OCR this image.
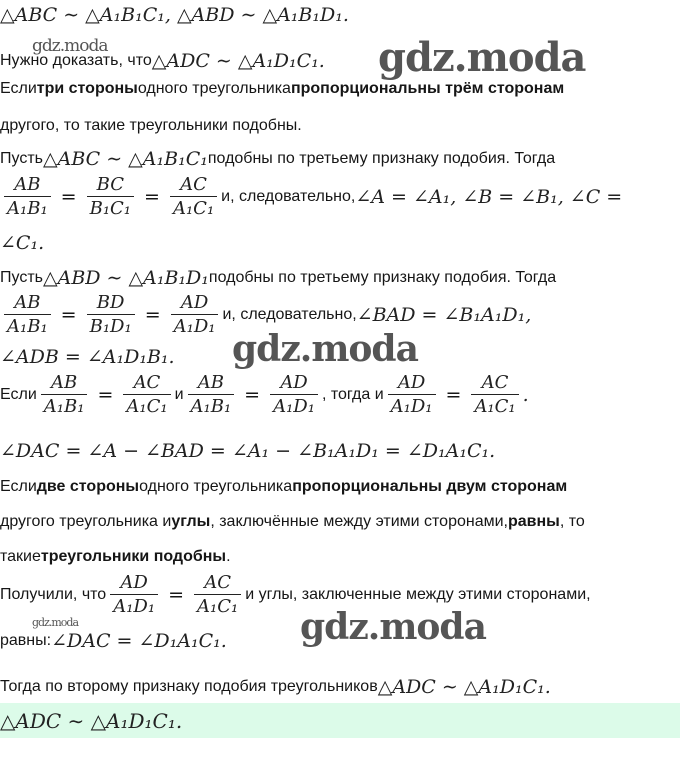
△ABC ∼ △A₁B₁C₁, △ABD ∼ △A₁B₁D₁.
gdz.moda
Нужно доказать, что △ADC ∼ △A₁D₁C₁. gdz.moda
Если три стороны одного треугольника пропорциональны трём сторонам
другого, то такие треугольники подобны.
Пусть △ABC ∼ △A₁B₁C₁ подобны по третьему признаку подобия. Тогда
$\frac{AB}{\text{A₁B₁}} = \frac{BC}{\text{B₁C₁}} = \frac{AC}{\text{A₁C₁}} и$, следовательно, ∠A = ∠A₁, ∠B = ∠B₁, ∠C =
∠C₁.
Пусть △ABD ∼ △A₁B₁D₁ подобны по третьему признаку подобия. Тогда
$\frac{AB}{\text{A₁B₁}} = \frac{BD}{\text{B₁D₁}} = \frac{AD}{\text{A₁D₁}} и$, следовательно, ∠BAD = ∠B₁A₁D₁,
∠ADB = ∠A₁D₁B₁. gdz.moda
Если $\frac{AB}{\text{A₁B₁}} = \frac{AC}{\text{A₁C₁}}$ и $\frac{AB}{\text{A₁B₁}} = \frac{AD}{\text{A₁D₁}}$ , тогда и $\frac{AD}{\text{A₁D₁}} = \frac{AC}{\text{A₁C₁}}$ .
∠DAC = ∠A − ∠BAD = ∠A₁ − ∠B₁A₁D₁ = ∠D₁A₁C₁.
Если две стороны одного треугольника пропорциональны двум сторонам
другого треугольника и углы , заключённые между этими сторонами, равны , то
такие треугольники подобны .
Получили, что $\frac{AD}{\text{A₁D₁}} = \frac{AC}{\text{A₁C₁}}$ и углы, заключенные между этими сторонами,
gdz.moda
равны: ∠DAC = ∠D₁A₁C₁. gdz.moda
Тогда по второму признаку подобия треугольников △ADC ∼ △A₁D₁C₁.
△ADC ∼ △A₁D₁C₁.
